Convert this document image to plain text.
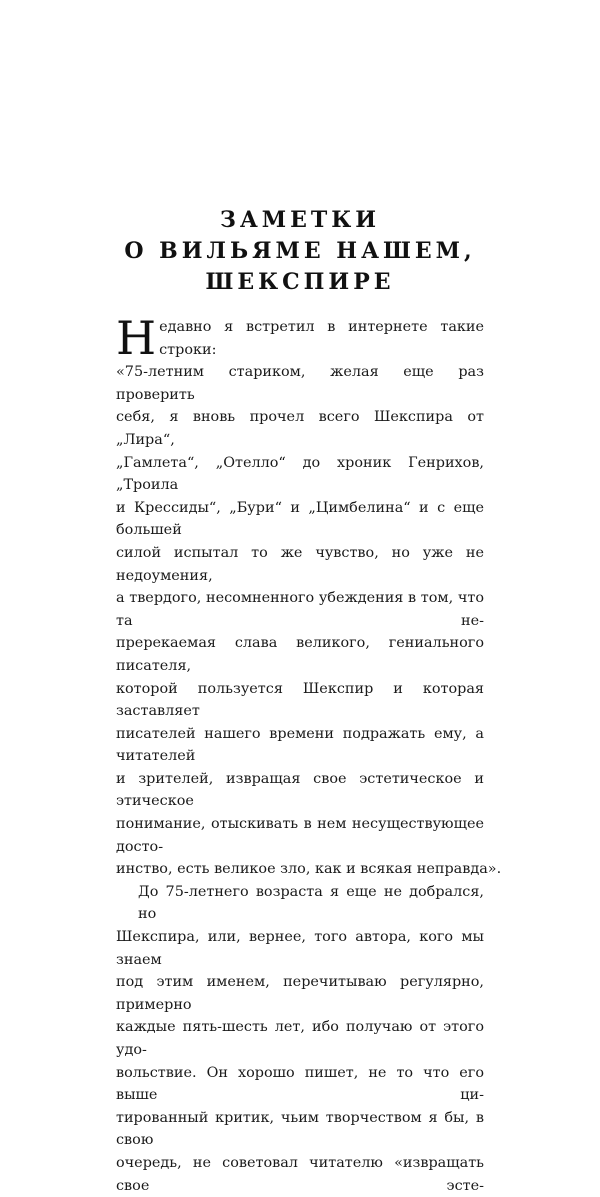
ЗАМЕТКИ
О ВИЛЬЯМЕ НАШЕМ,
ШЕКСПИРЕ
Н едавно я встретил в интернете такие строки:
«75-летним стариком, желая еще раз проверить
себя, я вновь прочел всего Шекспира от „Лира“,
„Гамлета“, „Отелло“ до хроник Генрихов, „Троила
и Крессиды“, „Бури“ и „Цимбелина“ и с еще большей
силой испытал то же чувство, но уже не недоумения,
а твердого, несомненного убеждения в том, что та не-
пререкаемая слава великого, гениального писателя,
которой пользуется Шекспир и которая заставляет
писателей нашего времени подражать ему, а читателей
и зрителей, извращая свое эстетическое и этическое
понимание, отыскивать в нем несуществующее досто-
инство, есть великое зло, как и всякая неправда».
До 75-летнего возраста я еще не добрался, но
Шекспира, или, вернее, того автора, кого мы знаем
под этим именем, перечитываю регулярно, примерно
каждые пять-шесть лет, ибо получаю от этого удо-
вольствие. Он хорошо пишет, не то что его выше ци-
тированный критик, чьим творчеством я бы, в свою
очередь, не советовал читателю «извращать свое эсте-
